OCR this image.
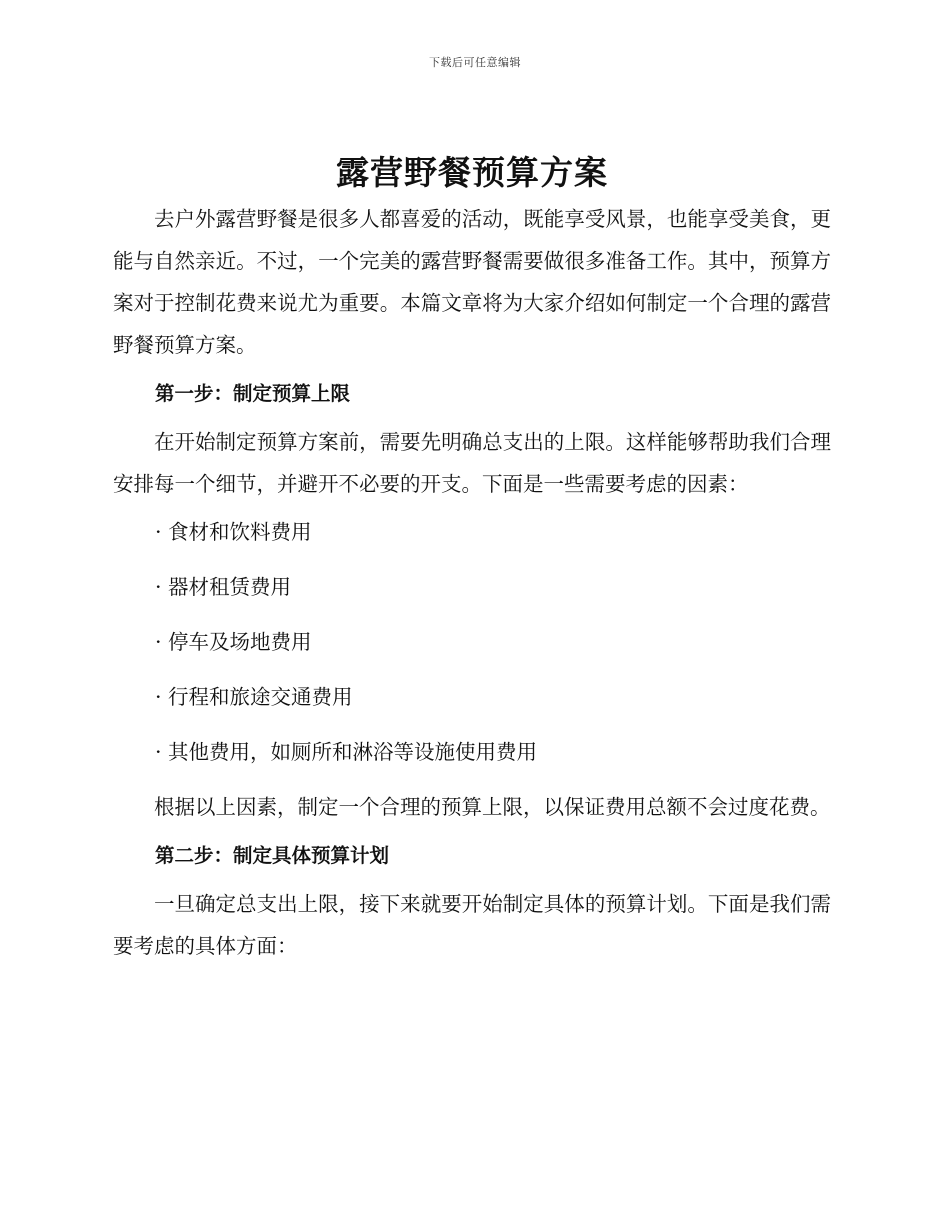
下载后可任意编辑
露营野餐预算方案

去户外露营野餐是很多人都喜爱的活动，既能享受风景，也能享受美食，更能与自然亲近。不过，一个完美的露营野餐需要做很多准备工作。其中，预算方案对于控制花费来说尤为重要。本篇文章将为大家介绍如何制定一个合理的露营野餐预算方案。

第一步：制定预算上限

在开始制定预算方案前，需要先明确总支出的上限。这样能够帮助我们合理安排每一个细节，并避开不必要的开支。下面是一些需要考虑的因素：

· 食材和饮料费用

· 器材租赁费用

· 停车及场地费用

· 行程和旅途交通费用

· 其他费用，如厕所和淋浴等设施使用费用

根据以上因素，制定一个合理的预算上限，以保证费用总额不会过度花费。

第二步：制定具体预算计划

一旦确定总支出上限，接下来就要开始制定具体的预算计划。下面是我们需要考虑的具体方面：
